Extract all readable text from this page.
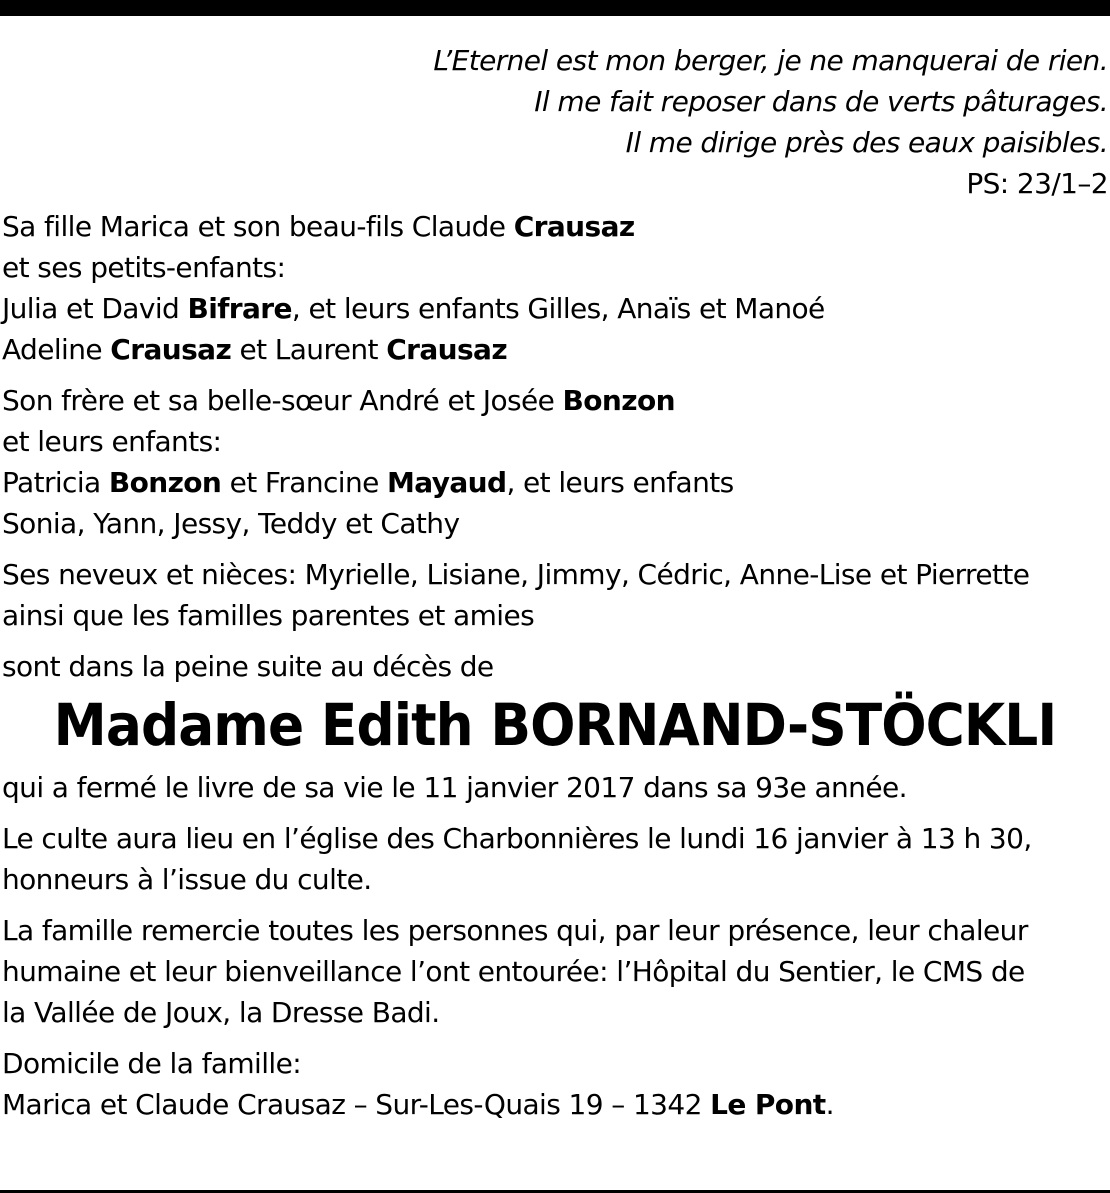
L’Eternel est mon berger, je ne manquerai de rien.
Il me fait reposer dans de verts pâturages.
Il me dirige près des eaux paisibles.
PS: 23/1–2
Sa fille Marica et son beau-fils Claude Crausaz
et ses petits-enfants:
Julia et David Bifrare, et leurs enfants Gilles, Anaïs et Manoé
Adeline Crausaz et Laurent Crausaz
Son frère et sa belle-sœur André et Josée Bonzon
et leurs enfants:
Patricia Bonzon et Francine Mayaud, et leurs enfants
Sonia, Yann, Jessy, Teddy et Cathy
Ses neveux et nièces: Myrielle, Lisiane, Jimmy, Cédric, Anne-Lise et Pierrette
ainsi que les familles parentes et amies
sont dans la peine suite au décès de
Madame Edith BORNAND-STÖCKLI
qui a fermé le livre de sa vie le 11 janvier 2017 dans sa 93e année.
Le culte aura lieu en l’église des Charbonnières le lundi 16 janvier à 13 h 30,
honneurs à l’issue du culte.
La famille remercie toutes les personnes qui, par leur présence, leur chaleur
humaine et leur bienveillance l’ont entourée: l’Hôpital du Sentier, le CMS de
la Vallée de Joux, la Dresse Badi.
Domicile de la famille:
Marica et Claude Crausaz – Sur-Les-Quais 19 – 1342 Le Pont.
